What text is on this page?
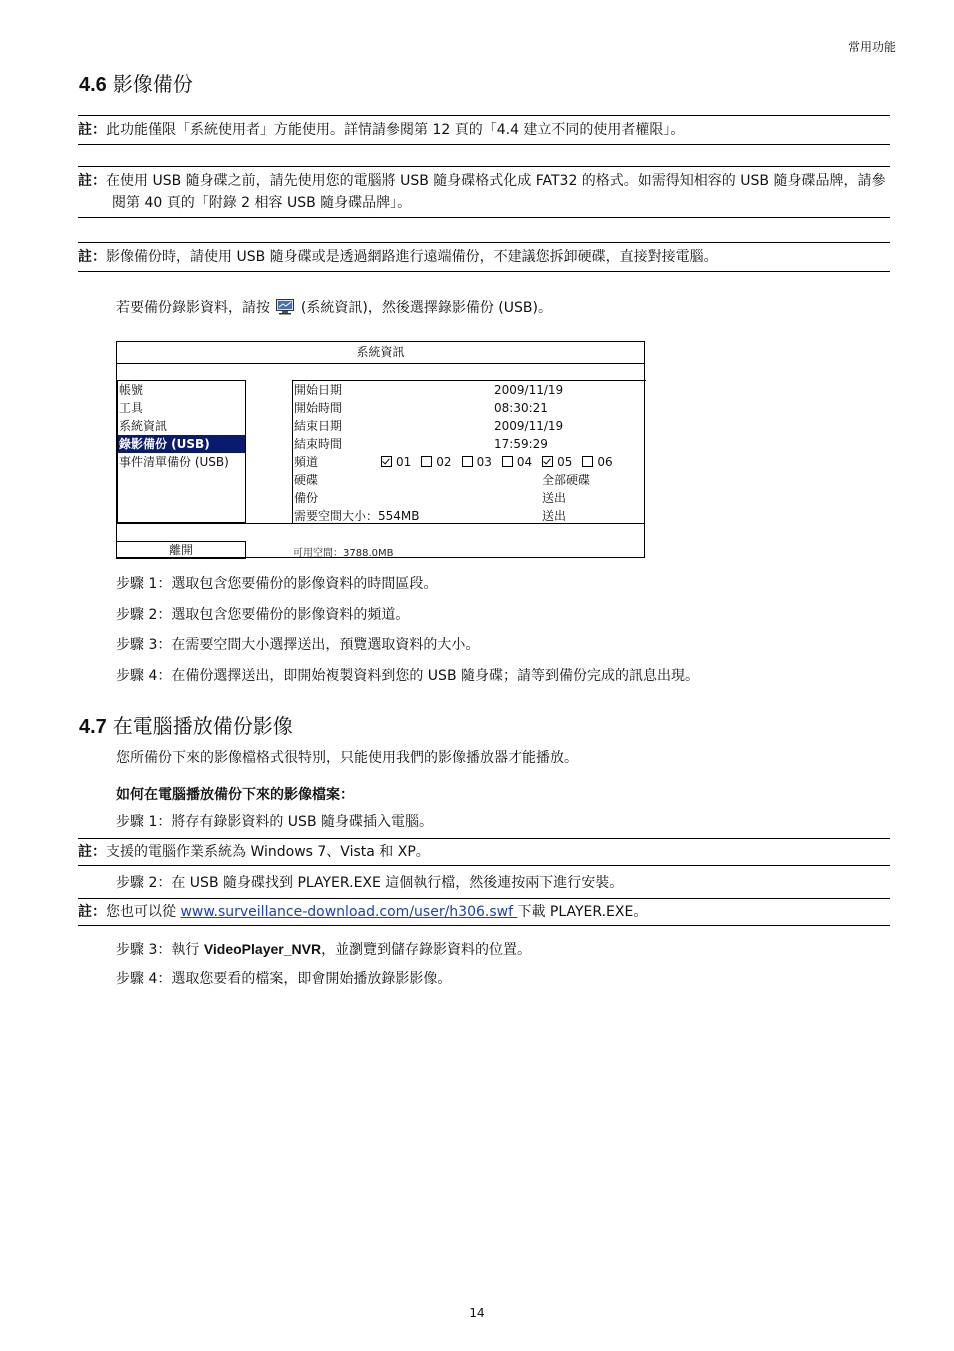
常用功能
4.6 影像備份
註：此功能僅限「系統使用者」方能使用。詳情請參閱第 12 頁的「4.4 建立不同的使用者權限」。
註：在使用 USB 隨身碟之前，請先使用您的電腦將 USB 隨身碟格式化成 FAT32 的格式。如需得知相容的 USB 隨身碟品牌，請參閱第 40 頁的「附錄 2 相容 USB 隨身碟品牌」。
註：影像備份時，請使用 USB 隨身碟或是透過網路進行遠端備份，不建議您拆卸硬碟，直接對接電腦。
若要備份錄影資料，請按 (系統資訊)，然後選擇錄影備份 (USB)。
系統資訊
帳號
工具
系統資訊
錄影備份 (USB)
事件清單備份 (USB)
開始日期	2009/11/19
開始時間	08:30:21
結束日期	2009/11/19
結束時間	17:59:29
頻道	01 02 03 04 05 06
硬碟	全部硬碟
備份	送出
需要空間大小：554MB	送出
離開	可用空間：3788.0MB
步驟 1：選取包含您要備份的影像資料的時間區段。
步驟 2：選取包含您要備份的影像資料的頻道。
步驟 3：在需要空間大小選擇送出，預覽選取資料的大小。
步驟 4：在備份選擇送出，即開始複製資料到您的 USB 隨身碟；請等到備份完成的訊息出現。
4.7 在電腦播放備份影像
您所備份下來的影像檔格式很特別，只能使用我們的影像播放器才能播放。
如何在電腦播放備份下來的影像檔案：
步驟 1：將存有錄影資料的 USB 隨身碟插入電腦。
註：支援的電腦作業系統為 Windows 7、Vista 和 XP。
步驟 2：在 USB 隨身碟找到 PLAYER.EXE 這個執行檔，然後連按兩下進行安裝。
註：您也可以從 www.surveillance-download.com/user/h306.swf 下載 PLAYER.EXE。
步驟 3：執行 VideoPlayer_NVR，並瀏覽到儲存錄影資料的位置。
步驟 4：選取您要看的檔案，即會開始播放錄影影像。
14
